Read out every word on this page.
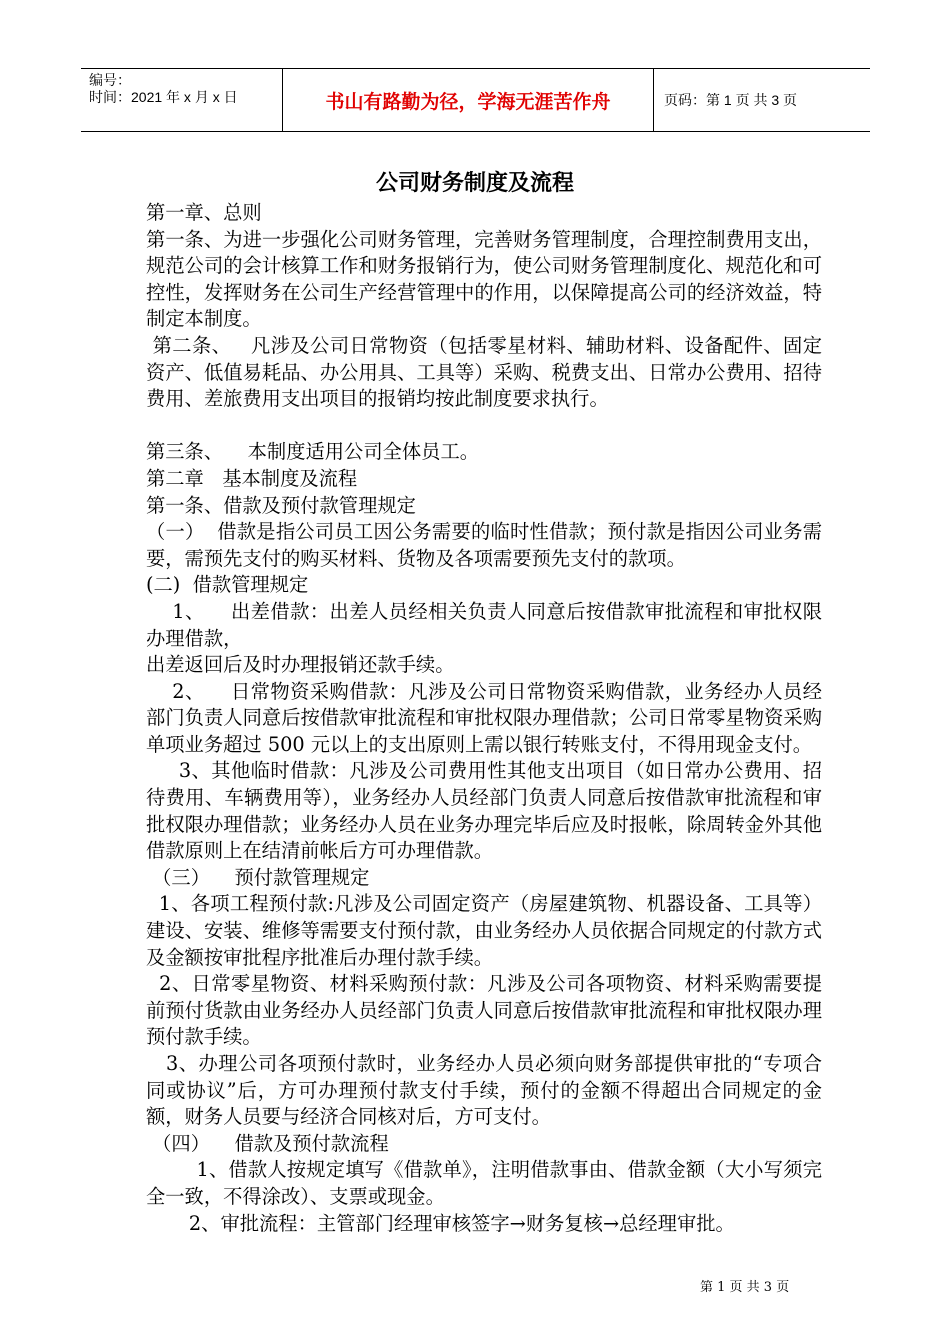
编号：
时间：2021 年 x 月 x 日	书山有路勤为径，学海无涯苦作舟	页码：第 1 页 共 3 页
公司财务制度及流程

第一章、总则

第一条、为进一步强化公司财务管理，完善财务管理制度，合理控制费用支出，规范公司的会计核算工作和财务报销行为，使公司财务管理制度化、规范化和可控性，发挥财务在公司生产经营管理中的作用，以保障提高公司的经济效益，特制定本制度。

第二条、   凡涉及公司日常物资（包括零星材料、辅助材料、设备配件、固定资产、低值易耗品、办公用具、工具等）采购、税费支出、日常办公费用、招待费用、差旅费用支出项目的报销均按此制度要求执行。

第三条、    本制度适用公司全体员工。

第二章   基本制度及流程

第一条、借款及预付款管理规定

（一）  借款是指公司员工因公务需要的临时性借款；预付款是指因公司业务需要，需预先支付的购买材料、货物及各项需要预先支付的款项。

(二)  借款管理规定

1、    出差借款：出差人员经相关负责人同意后按借款审批流程和审批权限办理借款，

出差返回后及时办理报销还款手续。

2、    日常物资采购借款：凡涉及公司日常物资采购借款，业务经办人员经部门负责人同意后按借款审批流程和审批权限办理借款；公司日常零星物资采购单项业务超过 500 元以上的支出原则上需以银行转账支付，不得用现金支付。

3、其他临时借款：凡涉及公司费用性其他支出项目（如日常办公费用、招待费用、车辆费用等），业务经办人员经部门负责人同意后按借款审批流程和审批权限办理借款；业务经办人员在业务办理完毕后应及时报帐，除周转金外其他借款原则上在结清前帐后方可办理借款。

（三）    预付款管理规定

1、各项工程预付款:凡涉及公司固定资产（房屋建筑物、机器设备、工具等）建设、安装、维修等需要支付预付款，由业务经办人员依据合同规定的付款方式及金额按审批程序批准后办理付款手续。

2、日常零星物资、材料采购预付款：凡涉及公司各项物资、材料采购需要提前预付货款由业务经办人员经部门负责人同意后按借款审批流程和审批权限办理预付款手续。

3、办理公司各项预付款时，业务经办人员必须向财务部提供审批的“专项合同或协议”后，方可办理预付款支付手续，预付的金额不得超出合同规定的金额，财务人员要与经济合同核对后，方可支付。

（四）    借款及预付款流程

1、借款人按规定填写《借款单》，注明借款事由、借款金额（大小写须完全一致，不得涂改）、支票或现金。

2、审批流程：主管部门经理审核签字→财务复核→总经理审批。

第 1 页 共 3 页
